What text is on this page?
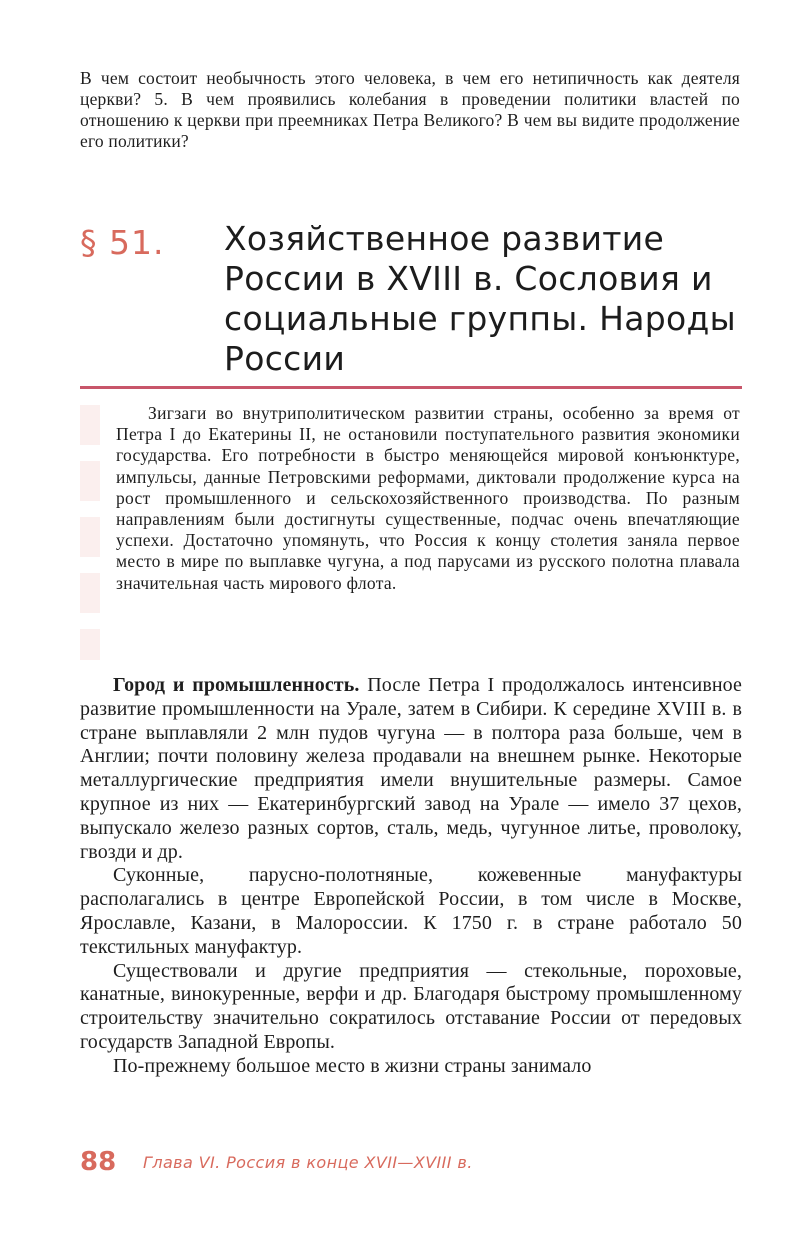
В чем состоит необычность этого человека, в чем его нетипичность как деятеля церкви? 5. В чем проявились колебания в проведении политики властей по отношению к церкви при преемниках Петра Великого? В чем вы видите продолжение его политики?
§ 51. Хозяйственное развитие России в XVIII в. Сословия и социальные группы. Народы России

Зигзаги во внутриполитическом развитии страны, особенно за время от Петра I до Екатерины II, не остановили поступательного развития экономики государства. Его потребности в быстро меняющейся мировой конъюнктуре, импульсы, данные Петровскими реформами, диктовали продолжение курса на рост промышленного и сельскохозяйственного производства. По разным направлениям были достигнуты существенные, подчас очень впечатляющие успехи. Достаточно упомянуть, что Россия к концу столетия заняла первое место в мире по выплавке чугуна, а под парусами из русского полотна плавала значительная часть мирового флота.

Город и промышленность. После Петра I продолжалось интенсивное развитие промышленности на Урале, затем в Сибири. К середине XVIII в. в стране выплавляли 2 млн пудов чугуна — в полтора раза больше, чем в Англии; почти половину железа продавали на внешнем рынке. Некоторые металлургические предприятия имели внушительные размеры. Самое крупное из них — Екатеринбургский завод на Урале — имело 37 цехов, выпускало железо разных сортов, сталь, медь, чугунное литье, проволоку, гвозди и др.

Суконные, парусно-полотняные, кожевенные мануфактуры располагались в центре Европейской России, в том числе в Москве, Ярославле, Казани, в Малороссии. К 1750 г. в стране работало 50 текстильных мануфактур.

Существовали и другие предприятия — стекольные, пороховые, канатные, винокуренные, верфи и др. Благодаря быстрому промышленному строительству значительно сократилось отставание России от передовых государств Западной Европы.

По-прежнему большое место в жизни страны занимало

88 Глава VI. Россия в конце XVII—XVIII в.
